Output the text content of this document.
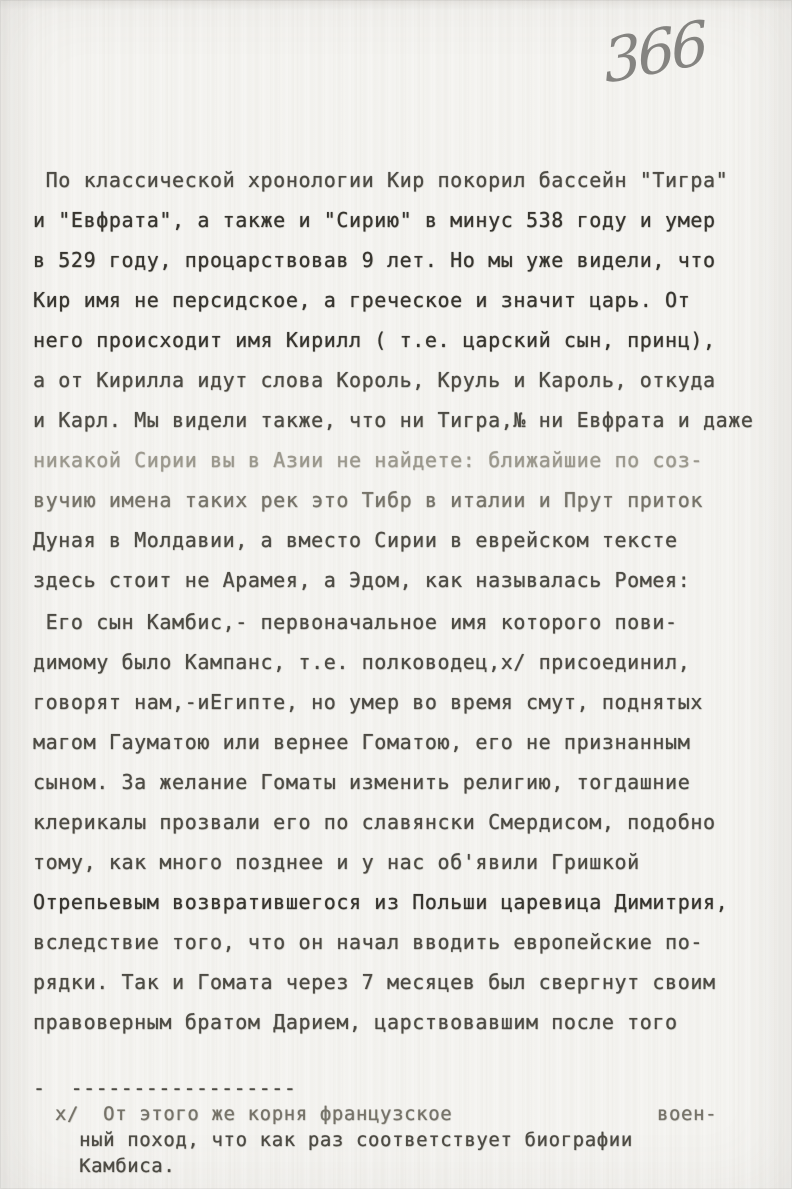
366
По классической хронологии Кир покорил бассейн "Тигра"
и "Евфрата", а также и "Сирию" в минус 538 году и умер
в 529 году, процарствовав 9 лет. Но мы уже видели, что
Кир имя не персидское, а греческое и значит царь. От
него происходит имя Кирилл ( т.е. царский сын, принц),
а от Кирилла идут слова Король, Круль и Кароль, откуда
и Карл. Мы видели также, что ни Тигра,№ ни Евфрата и даже
никакой Сирии вы в Азии не найдете: ближайшие по соз-
вучию имена таких рек это Тибр в италии и Прут приток
Дуная в Молдавии, а вместо Сирии в еврейском тексте
здесь стоит не Арамея, а Эдом, как называлась Ромея:
Его сын Камбис,- первоначальное имя которого пови-
димому было Кампанс, т.е. полководец,х/ присоединил,
говорят нам,-иЕгипте, но умер во время смут, поднятых
магом Гауматою или вернее Гоматою, его не признанным
сыном. За желание Гоматы изменить религию, тогдашние
клерикалы прозвали его по славянски Смердисом, подобно
тому, как много позднее и у нас об'явили Гришкой
Отрепьевым возвратившегося из Польши царевица Димитрия,
вследствие того, что он начал вводить европейские по-
рядки. Так и Гомата через 7 месяцев был свергнут своим
правоверным братом Дарием, царствовавшим после того
-  ------------------
х/  От этого же корня французское                 воен-
ный поход, что как раз соответствует биографии
Камбиса.
